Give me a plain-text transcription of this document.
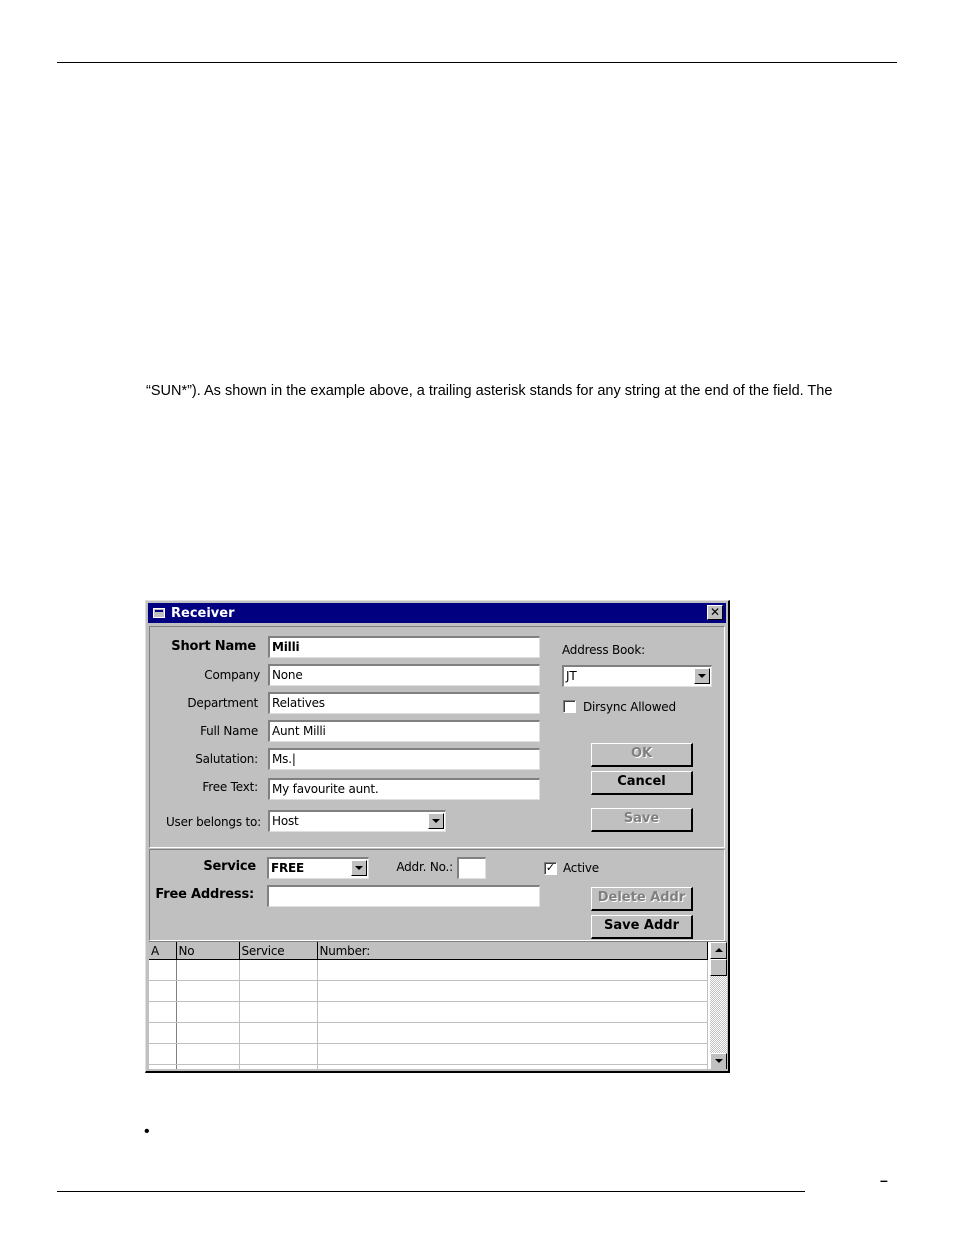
“SUN*”). As shown in the example above, a trailing asterisk stands for any string at the end of the field. The
Receiver	✕
Short Name	Milli
Company	None
Department	Relatives
Full Name	Aunt Milli
Salutation:	Ms.|
Free Text:	My favourite aunt.
User belongs to: Host
Address Book:
JT
Dirsync Allowed
OK
Cancel
Save
Service	FREE	Addr. No.:	✓ Active
Free Address:	Delete Addr
Save Addr
A	No	Service	Number:

•
–
